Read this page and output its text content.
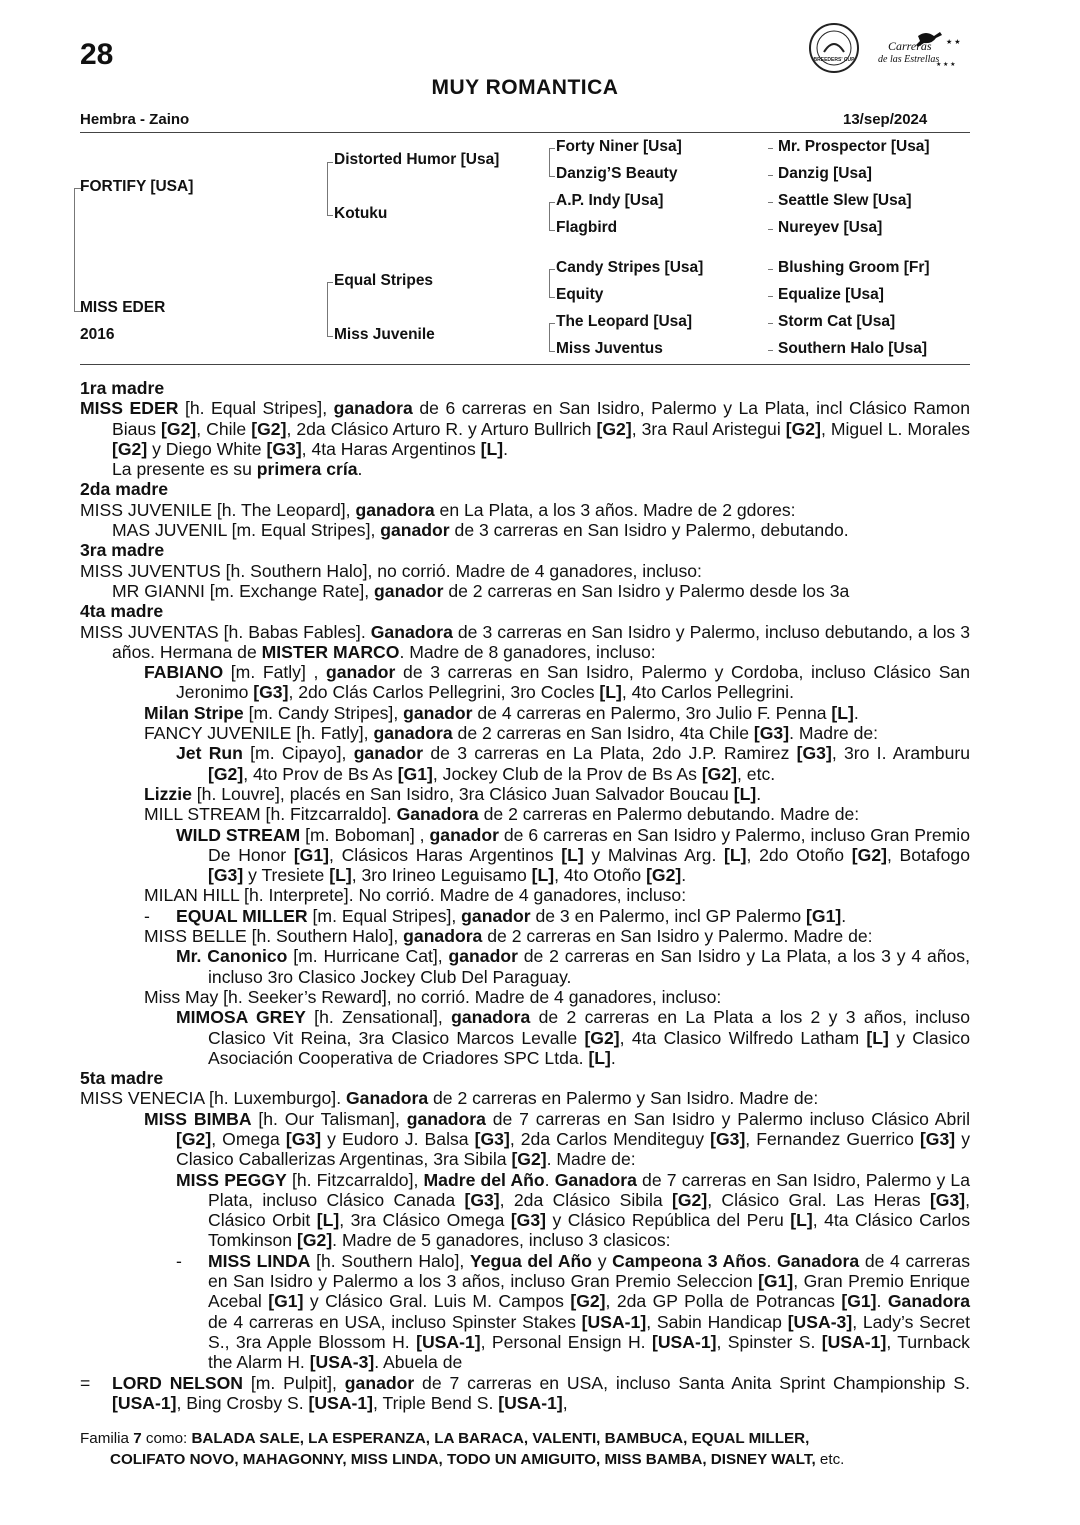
28
MUY ROMANTICA
BREEDERS' CUP
Carreras
de las Estrellas
★ ★
★ ★ ★
Hembra - Zaino	13/sep/2024
FORTIFY [USA]
MISS EDER
2016
Distorted Humor [Usa]
Kotuku
Equal Stripes
Miss Juvenile
Forty Niner [Usa]
Danzig’S Beauty
A.P. Indy [Usa]
Flagbird
Candy Stripes [Usa]
Equity
The Leopard [Usa]
Miss Juventus
Mr. Prospector [Usa]
Danzig [Usa]
Seattle Slew [Usa]
Nureyev [Usa]
Blushing Groom [Fr]
Equalize [Usa]
Storm Cat [Usa]
Southern Halo [Usa]
1ra madre
MISS EDER [h. Equal Stripes], ganadora de 6 carreras en San Isidro, Palermo y La Plata, incl Clásico Ramon Biaus [G2], Chile [G2], 2da Clásico Arturo R. y Arturo Bullrich [G2], 3ra Raul Aristegui [G2], Miguel L. Morales [G2] y Diego White [G3], 4ta Haras Argentinos [L].
La presente es su primera cría.
2da madre
MISS JUVENILE [h. The Leopard], ganadora en La Plata, a los 3 años. Madre de 2 gdores:
MAS JUVENIL [m. Equal Stripes], ganador de 3 carreras en San Isidro y Palermo, debutando.
3ra madre
MISS JUVENTUS [h. Southern Halo], no corrió. Madre de 4 ganadores, incluso:
MR GIANNI [m. Exchange Rate], ganador de 2 carreras en San Isidro y Palermo desde los 3a
4ta madre
MISS JUVENTAS [h. Babas Fables]. Ganadora de 3 carreras en San Isidro y Palermo, incluso debutando, a los 3 años. Hermana de MISTER MARCO. Madre de 8 ganadores, incluso:
FABIANO [m. Fatly] , ganador de 3 carreras en San Isidro, Palermo y Cordoba, incluso Clásico San Jeronimo [G3], 2do Clás Carlos Pellegrini, 3ro Cocles [L], 4to Carlos Pellegrini.
Milan Stripe [m. Candy Stripes], ganador de 4 carreras en Palermo, 3ro Julio F. Penna [L].
FANCY JUVENILE [h. Fatly], ganadora de 2 carreras en San Isidro, 4ta Chile [G3]. Madre de:
Jet Run [m. Cipayo], ganador de 3 carreras en La Plata, 2do J.P. Ramirez [G3], 3ro I. Aramburu [G2], 4to Prov de Bs As [G1], Jockey Club de la Prov de Bs As [G2], etc.
Lizzie [h. Louvre], placés en San Isidro, 3ra Clásico Juan Salvador Boucau [L].
MILL STREAM [h. Fitzcarraldo]. Ganadora de 2 carreras en Palermo debutando. Madre de:
WILD STREAM [m. Boboman] , ganador de 6 carreras en San Isidro y Palermo, incluso Gran Premio De Honor [G1], Clásicos Haras Argentinos [L] y Malvinas Arg. [L], 2do Otoño [G2], Botafogo [G3] y Tresiete [L], 3ro Irineo Leguisamo [L], 4to Otoño [G2].
MILAN HILL [h. Interprete]. No corrió. Madre de 4 ganadores, incluso:
- EQUAL MILLER [m. Equal Stripes], ganador de 3 en Palermo, incl GP Palermo [G1].
MISS BELLE [h. Southern Halo], ganadora de 2 carreras en San Isidro y Palermo. Madre de:
Mr. Canonico [m. Hurricane Cat], ganador de 2 carreras en San Isidro y La Plata, a los 3 y 4 años, incluso 3ro Clasico Jockey Club Del Paraguay.
Miss May [h. Seeker’s Reward], no corrió. Madre de 4 ganadores, incluso:
MIMOSA GREY [h. Zensational], ganadora de 2 carreras en La Plata a los 2 y 3 años, incluso Clasico Vit Reina, 3ra Clasico Marcos Levalle [G2], 4ta Clasico Wilfredo Latham [L] y Clasico Asociación Cooperativa de Criadores SPC Ltda. [L].
5ta madre
MISS VENECIA [h. Luxemburgo]. Ganadora de 2 carreras en Palermo y San Isidro. Madre de:
MISS BIMBA [h. Our Talisman], ganadora de 7 carreras en San Isidro y Palermo incluso Clásico Abril [G2], Omega [G3] y Eudoro J. Balsa [G3], 2da Carlos Menditeguy [G3], Fernandez Guerrico [G3] y Clasico Caballerizas Argentinas, 3ra Sibila [G2]. Madre de:
MISS PEGGY [h. Fitzcarraldo], Madre del Año. Ganadora de 7 carreras en San Isidro, Palermo y La Plata, incluso Clásico Canada [G3], 2da Clásico Sibila [G2], Clásico Gral. Las Heras [G3], Clásico Orbit [L], 3ra Clásico Omega [G3] y Clásico República del Peru [L], 4ta Clásico Carlos Tomkinson [G2]. Madre de 5 ganadores, incluso 3 clasicos:
- MISS LINDA [h. Southern Halo], Yegua del Año y Campeona 3 Años. Ganadora de 4 carreras en San Isidro y Palermo a los 3 años, incluso Gran Premio Seleccion [G1], Gran Premio Enrique Acebal [G1] y Clásico Gral. Luis M. Campos [G2], 2da GP Polla de Potrancas [G1]. Ganadora de 4 carreras en USA, incluso Spinster Stakes [USA-1], Sabin Handicap [USA-3], Lady’s Secret S., 3ra Apple Blossom H. [USA-1], Personal Ensign H. [USA-1], Spinster S. [USA-1], Turnback the Alarm H. [USA-3]. Abuela de
= LORD NELSON [m. Pulpit], ganador de 7 carreras en USA, incluso Santa Anita Sprint Championship S. [USA-1], Bing Crosby S. [USA-1], Triple Bend S. [USA-1],
Familia 7 como: BALADA SALE, LA ESPERANZA, LA BARACA, VALENTI, BAMBUCA, EQUAL MILLER,
COLIFATO NOVO, MAHAGONNY, MISS LINDA, TODO UN AMIGUITO, MISS BAMBA, DISNEY WALT, etc.
